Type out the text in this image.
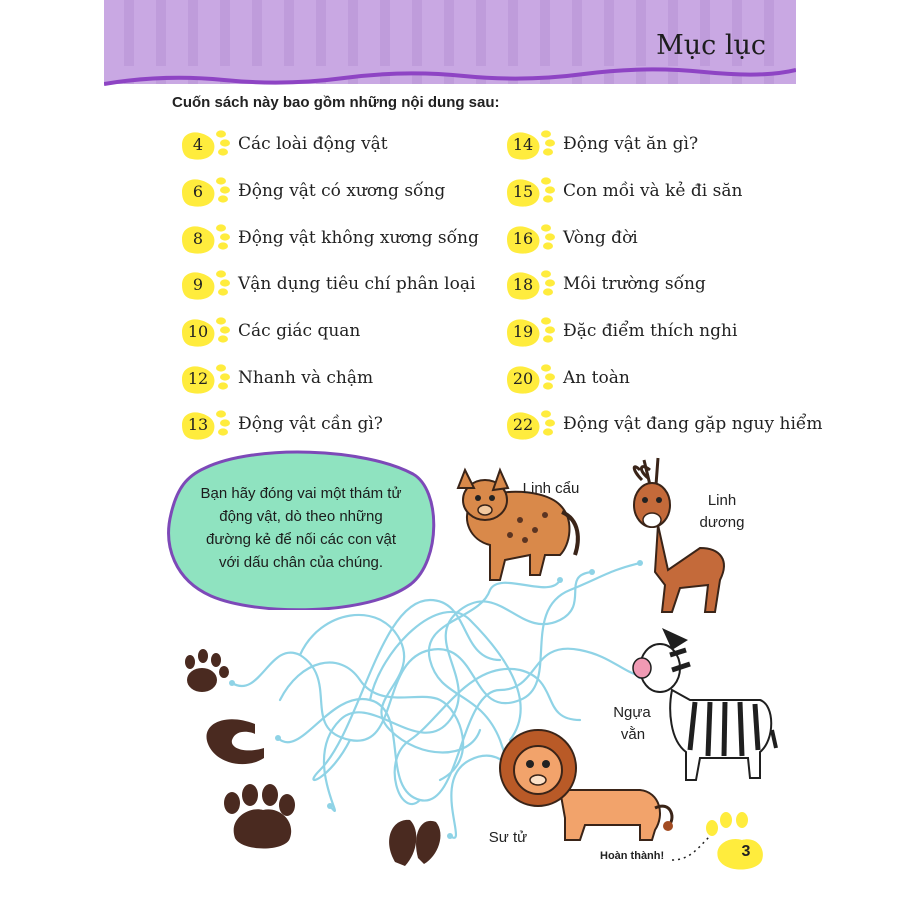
Mục lục
Cuốn sách này bao gồm những nội dung sau:
4	Các loài động vật
6	Động vật có xương sống
8	Động vật không xương sống
9	Vận dụng tiêu chí phân loại
10	Các giác quan
12	Nhanh và chậm
13	Động vật cần gì?
14	Động vật ăn gì?
15	Con mồi và kẻ đi săn
16	Vòng đời
18	Môi trường sống
19	Đặc điểm thích nghi
20	An toàn
22	Động vật đang gặp nguy hiểm
Bạn hãy đóng vai một thám tử động vật, dò theo những đường kẻ để nối các con vật với dấu chân của chúng.
Linh cẩu
Linh
dương
Ngựa
vằn
Sư tử
Hoàn thành!	3
